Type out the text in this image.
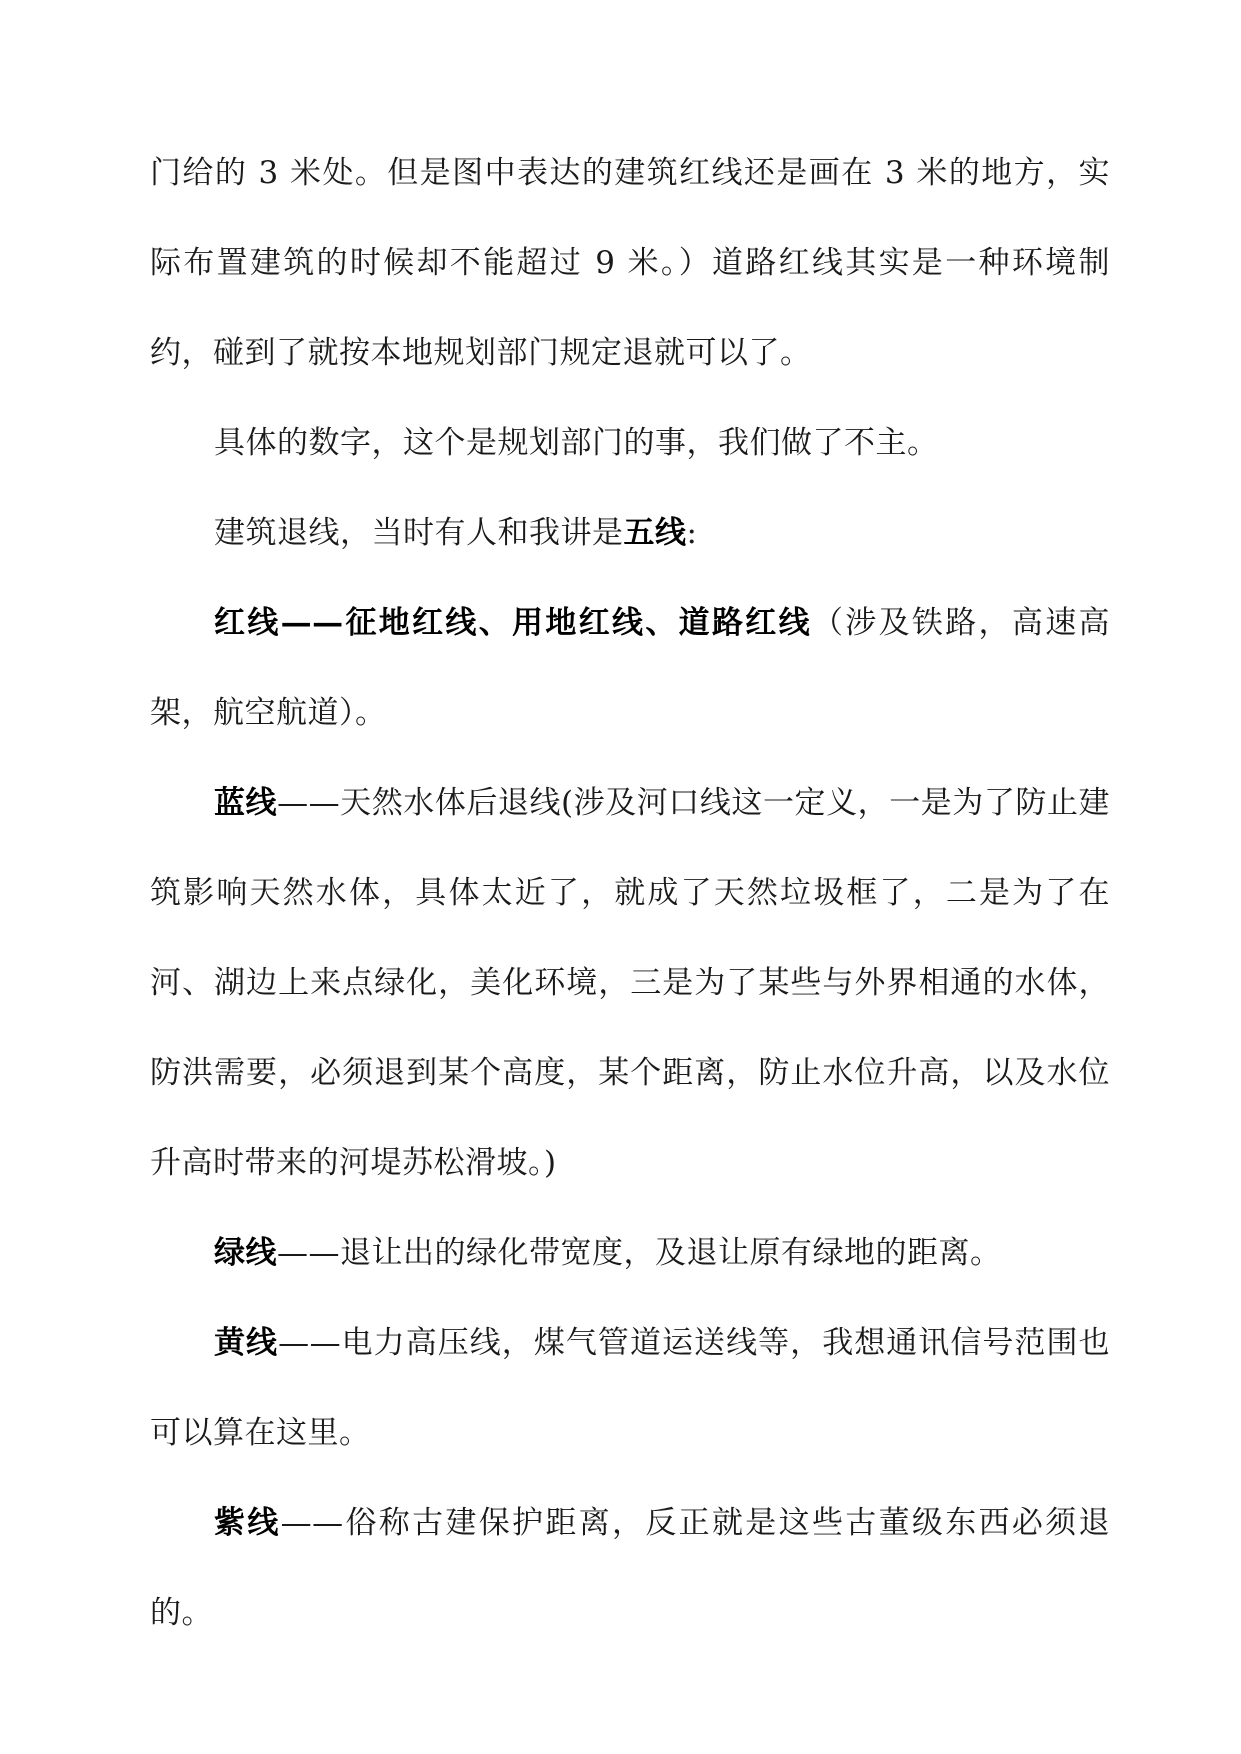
门给的 3 米处。但是图中表达的建筑红线还是画在 3 米的地方，实际布置建筑的时候却不能超过 9 米。）道路红线其实是一种环境制约，碰到了就按本地规划部门规定退就可以了。

具体的数字，这个是规划部门的事，我们做了不主。

建筑退线，当时有人和我讲是五线:

红线——征地红线、用地红线、道路红线（涉及铁路，高速高架，航空航道）。

蓝线——天然水体后退线(涉及河口线这一定义，一是为了防止建筑影响天然水体，具体太近了，就成了天然垃圾框了，二是为了在河、湖边上来点绿化，美化环境，三是为了某些与外界相通的水体，防洪需要，必须退到某个高度，某个距离，防止水位升高，以及水位升高时带来的河堤苏松滑坡。)

绿线——退让出的绿化带宽度，及退让原有绿地的距离。

黄线——电力高压线，煤气管道运送线等，我想通讯信号范围也可以算在这里。

紫线——俗称古建保护距离，反正就是这些古董级东西必须退的。
